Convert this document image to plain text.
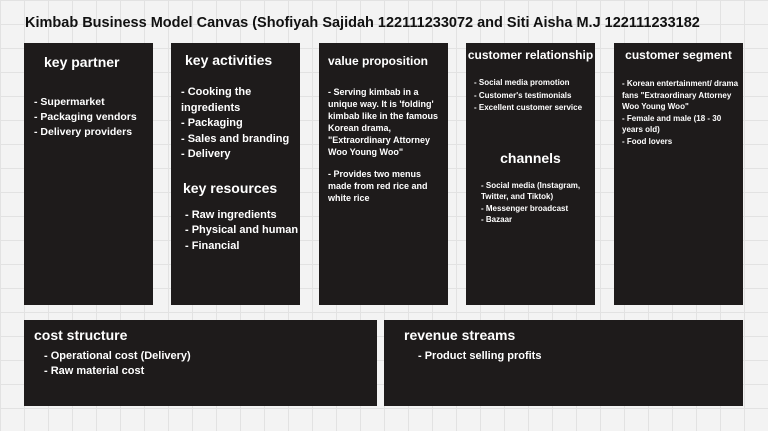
Kimbab Business Model Canvas (Shofiyah Sajidah 122111233072 and Siti Aisha M.J 122111233182
key partner
- Supermarket
- Packaging vendors
- Delivery providers
key activities
- Cooking the ingredients
- Packaging
- Sales and branding
- Delivery
key resources
- Raw ingredients
- Physical and human
- Financial
value proposition
- Serving kimbab in a unique way. It is 'folding' kimbab like in the famous Korean drama, "Extraordinary Attorney Woo Young Woo"
- Provides two menus made from red rice and white rice
customer relationship
- Social media promotion
- Customer's testimonials
- Excellent customer service
channels
- Social media (Instagram, Twitter, and Tiktok)
- Messenger broadcast
- Bazaar
customer segment
- Korean entertainment/ drama fans "Extraordinary Attorney Woo Young Woo"
- Female and male (18 - 30 years old)
- Food lovers
cost structure
- Operational cost (Delivery)
- Raw material cost
revenue streams
- Product selling profits
